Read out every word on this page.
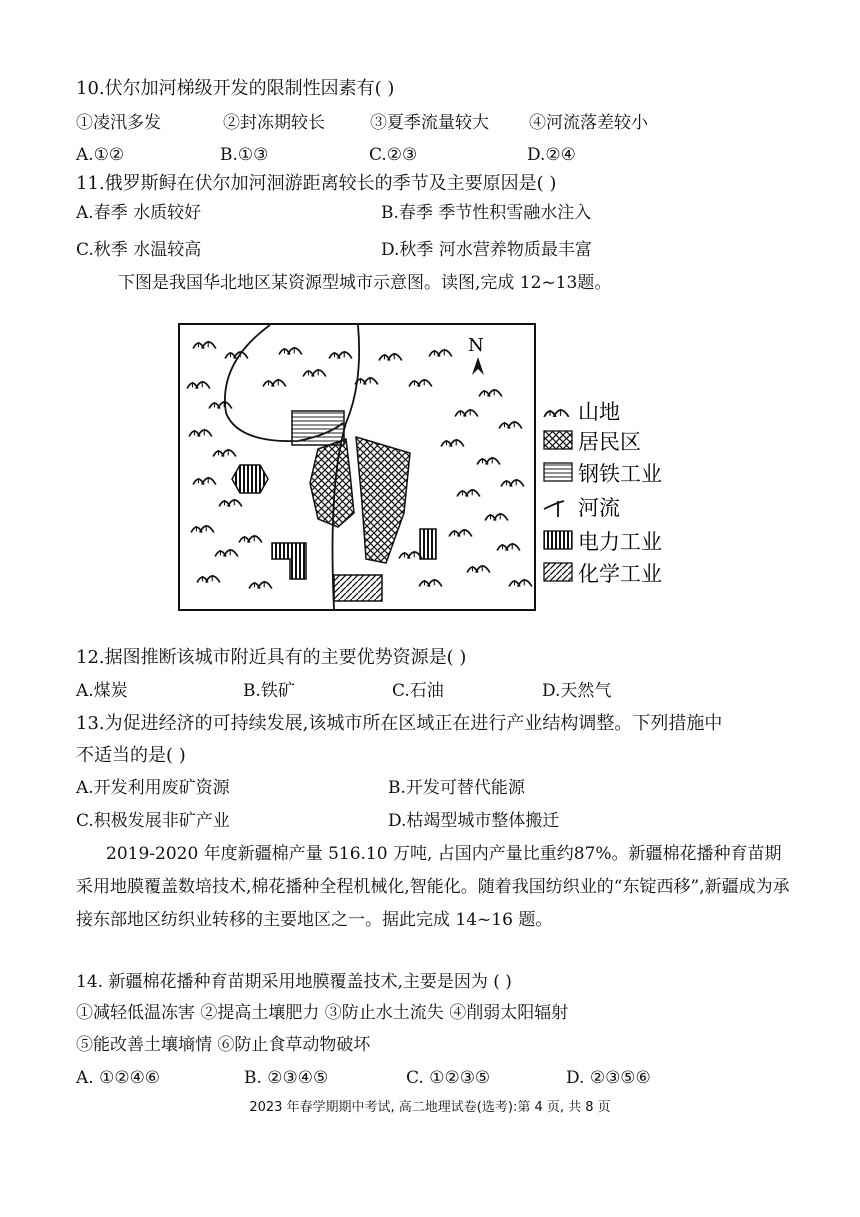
10.伏尔加河梯级开发的限制性因素有( )
①凌汛多发	②封冻期较长	③夏季流量较大 ④河流落差较小
A.①②	B.①③	C.②③	D.②④
11.俄罗斯鲟在伏尔加河洄游距离较长的季节及主要原因是( )
A.春季 水质较好	B.春季 季节性积雪融水注入
C.秋季 水温较高	D.秋季 河水营养物质最丰富
下图是我国华北地区某资源型城市示意图。读图,完成 12~13题。
N
山地
居民区
钢铁工业
河流
电力工业
化学工业
12.据图推断该城市附近具有的主要优势资源是( )
A.煤炭	B.铁矿	C.石油	D.天然气
13.为促进经济的可持续发展,该城市所在区域正在进行产业结构调整。下列措施中
不适当的是( )
A.开发利用废矿资源	B.开发可替代能源
C.积极发展非矿产业	D.枯竭型城市整体搬迁
2019-2020 年度新疆棉产量 516.10 万吨, 占国内产量比重约87%。新疆棉花播种育苗期采用地膜覆盖数培技术,棉花播种全程机械化,智能化。随着我国纺织业的“东锭西移”,新疆成为承接东部地区纺织业转移的主要地区之一。据此完成 14~16 题。
14. 新疆棉花播种育苗期采用地膜覆盖技术,主要是因为 ( )
①减轻低温冻害 ②提高土壤肥力 ③防止水土流失 ④削弱太阳辐射
⑤能改善土壤墒情 ⑥防止食草动物破坏
A. ①②④⑥	B. ②③④⑤	C. ①②③⑤	D. ②③⑤⑥
2023 年春学期期中考试, 高二地理试卷(选考):第 4 页, 共 8 页
